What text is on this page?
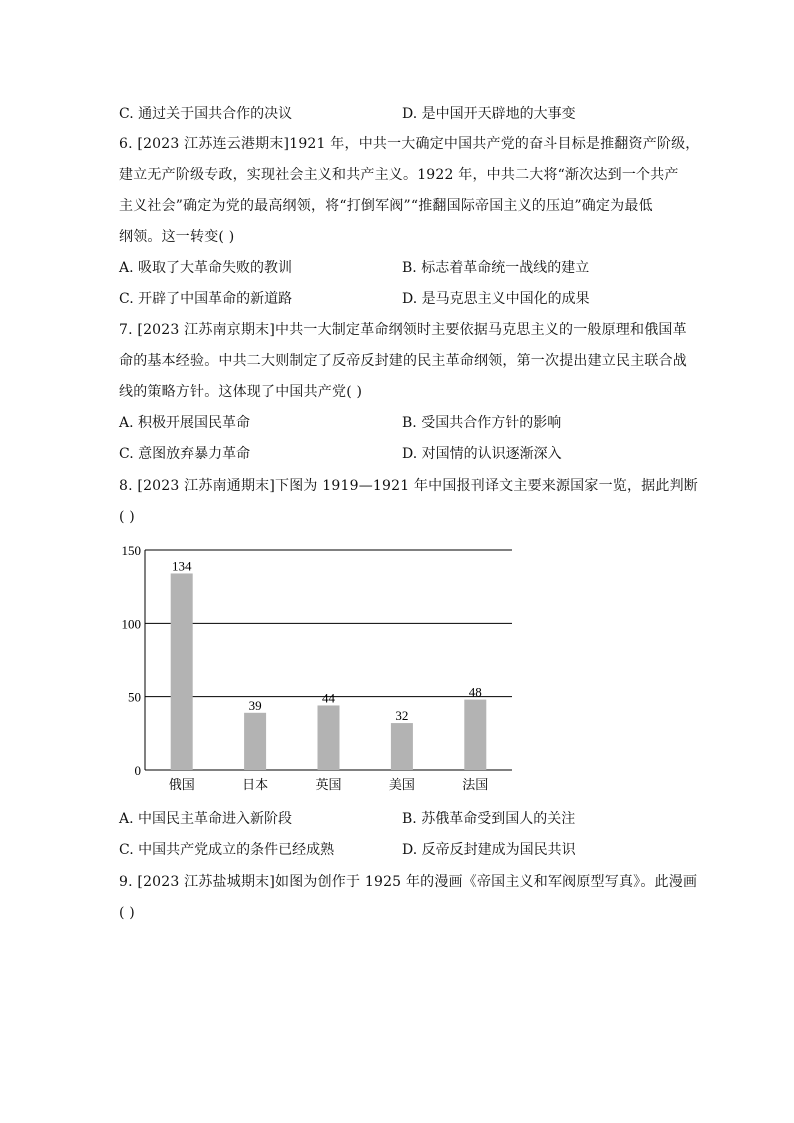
C. 通过关于国共合作的决议	D. 是中国开天辟地的大事变
6. [2023 江苏连云港期末]1921 年，中共一大确定中国共产党的奋斗目标是推翻资产阶级，
建立无产阶级专政，实现社会主义和共产主义。1922 年，中共二大将“渐次达到一个共产
主义社会”确定为党的最高纲领，将“打倒军阀”“推翻国际帝国主义的压迫”确定为最低
纲领。这一转变( )
A. 吸取了大革命失败的教训	B. 标志着革命统一战线的建立
C. 开辟了中国革命的新道路	D. 是马克思主义中国化的成果
7. [2023 江苏南京期末]中共一大制定革命纲领时主要依据马克思主义的一般原理和俄国革
命的基本经验。中共二大则制定了反帝反封建的民主革命纲领，第一次提出建立民主联合战
线的策略方针。这体现了中国共产党( )
A. 积极开展国民革命	B. 受国共合作方针的影响
C. 意图放弃暴力革命	D. 对国情的认识逐渐深入
8. [2023 江苏南通期末]下图为 1919—1921 年中国报刊译文主要来源国家一览，据此判断
( )
0
50
100
150
134
俄国
39
日本
44
英国
32
美国
48
法国
A. 中国民主革命进入新阶段	B. 苏俄革命受到国人的关注
C. 中国共产党成立的条件已经成熟	D. 反帝反封建成为国民共识
9. [2023 江苏盐城期末]如图为创作于 1925 年的漫画《帝国主义和军阀原型写真》。此漫画
( )
